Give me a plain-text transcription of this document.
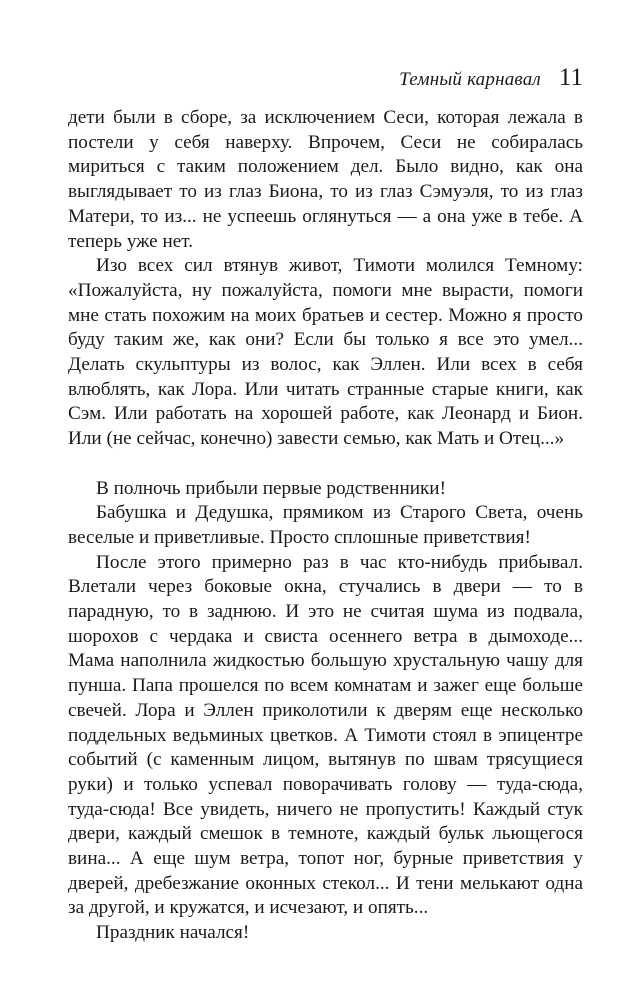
Темный карнавал 11

дети были в сборе, за исключением Сеси, которая лежала в постели у себя наверху. Впрочем, Сеси не собиралась мириться с таким положением дел. Было видно, как она выглядывает то из глаз Биона, то из глаз Сэмуэля, то из глаз Матери, то из... не успеешь оглянуться — а она уже в тебе. А теперь уже нет.

Изо всех сил втянув живот, Тимоти молился Темному: «Пожалуйста, ну пожалуйста, помоги мне вырасти, помоги мне стать похожим на моих братьев и сестер. Можно я просто буду таким же, как они? Если бы только я все это умел... Делать скульптуры из волос, как Эллен. Или всех в себя влюблять, как Лора. Или читать странные старые книги, как Сэм. Или работать на хорошей работе, как Леонард и Бион. Или (не сейчас, конечно) завести семью, как Мать и Отец...»

В полночь прибыли первые родственники!

Бабушка и Дедушка, прямиком из Старого Света, очень веселые и приветливые. Просто сплошные приветствия!

После этого примерно раз в час кто-нибудь прибывал. Влетали через боковые окна, стучались в двери — то в парадную, то в заднюю. И это не считая шума из подвала, шорохов с чердака и свиста осеннего ветра в дымоходе... Мама наполнила жидкостью большую хрустальную чашу для пунша. Папа прошелся по всем комнатам и зажег еще больше свечей. Лора и Эллен приколотили к дверям еще несколько поддельных ведьминых цветков. А Тимоти стоял в эпицентре событий (с каменным лицом, вытянув по швам трясущиеся руки) и только успевал поворачивать голову — туда-сюда, туда-сюда! Все увидеть, ничего не пропустить! Каждый стук двери, каждый смешок в темноте, каждый бульк льющегося вина... А еще шум ветра, топот ног, бурные приветствия у дверей, дребезжание оконных стекол... И тени мелькают одна за другой, и кружатся, и исчезают, и опять...

Праздник начался!
